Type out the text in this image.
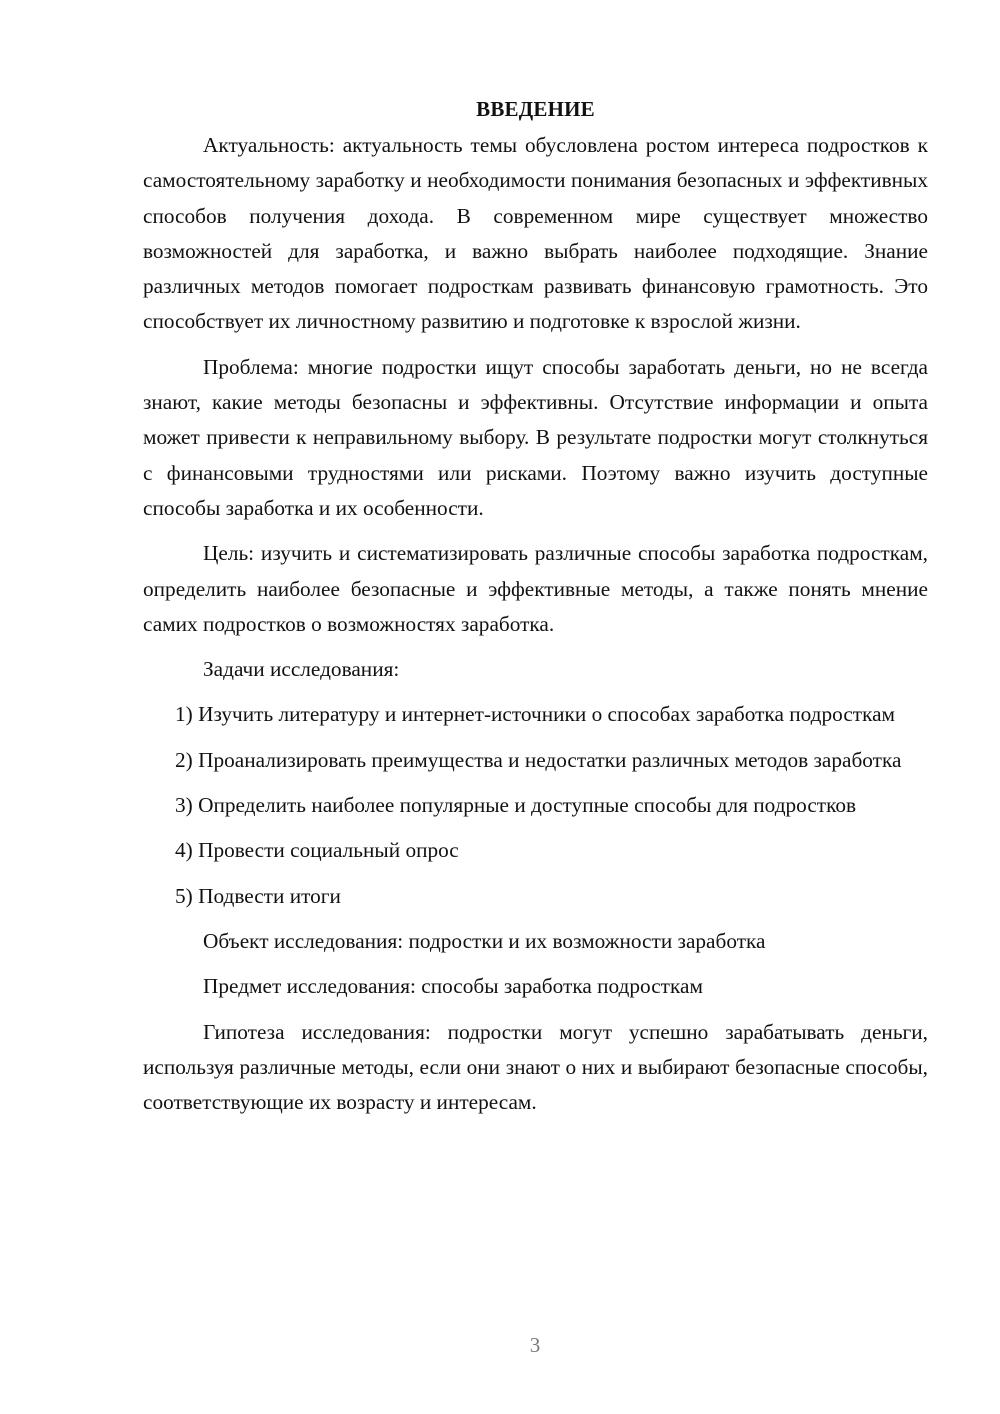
ВВЕДЕНИЕ

Актуальность: актуальность темы обусловлена ростом интереса подростков к самостоятельному заработку и необходимости понимания безопасных и эффективных способов получения дохода. В современном мире существует множество возможностей для заработка, и важно выбрать наиболее подходящие. Знание различных методов помогает подросткам развивать финансовую грамотность. Это способствует их личностному развитию и подготовке к взрослой жизни.

Проблема: многие подростки ищут способы заработать деньги, но не всегда знают, какие методы безопасны и эффективны. Отсутствие информации и опыта может привести к неправильному выбору. В результате подростки могут столкнуться с финансовыми трудностями или рисками. Поэтому важно изучить доступные способы заработка и их особенности.

Цель: изучить и систематизировать различные способы заработка подросткам, определить наиболее безопасные и эффективные методы, а также понять мнение самих подростков о возможностях заработка.

Задачи исследования:

1) Изучить литературу и интернет-источники о способах заработка подросткам

2) Проанализировать преимущества и недостатки различных методов заработка

3) Определить наиболее популярные и доступные способы для подростков

4) Провести социальный опрос

5) Подвести итоги

Объект исследования: подростки и их возможности заработка

Предмет исследования: способы заработка подросткам

Гипотеза исследования: подростки могут успешно зарабатывать деньги, используя различные методы, если они знают о них и выбирают безопасные способы, соответствующие их возрасту и интересам.

3
